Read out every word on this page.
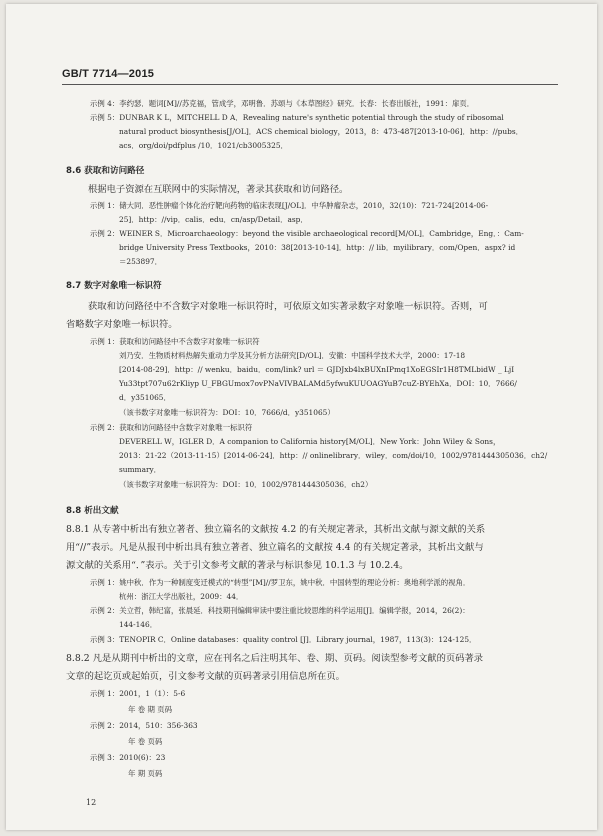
GB/T 7714—2015
示例 4：李约瑟．题词[M]//苏克福，管成学，邓明鲁．苏颂与《本草图经》研究．长春：长春出版社，1991：扉页．
示例 5：DUNBAR K L，MITCHELL D A．Revealing nature's synthetic potential through the study of ribosomal
natural product biosynthesis[J/OL]．ACS chemical biology，2013，8：473-487[2013-10-06]．http：//pubs．
acs．org/doi/pdfplus /10．1021/cb3005325．
8.6 获取和访问路径
根据电子资源在互联网中的实际情况，著录其获取和访问路径。
示例 1：储大同．恶性肿瘤个体化治疗靶向药物的临床表现[J/OL]．中华肿瘤杂志，2010，32(10)：721-724[2014-06-
25]．http：//vip．calis．edu．cn/asp/Detail．asp．
示例 2：WEINER S．Microarchaeology：beyond the visible archaeological record[M/OL]．Cambridge，Eng．：Cam-
bridge University Press Textbooks，2010：38[2013-10-14]．http：// lib．myilibrary．com/Open．aspx? id
＝253897．
8.7 数字对象唯一标识符
获取和访问路径中不含数字对象唯一标识符时，可依原文如实著录数字对象唯一标识符。否则，可
省略数字对象唯一标识符。
示例 1：获取和访问路径中不含数字对象唯一标识符
刘乃安．生物质材料热解失重动力学及其分析方法研究[D/OL]．安徽：中国科学技术大学，2000：17-18
[2014-08-29]．http：// wenku．baidu．com/link? url ＝ GJDJxb4lxBUXnIPmq1XoEGSIr1H8TMLbidW _ LjI
Yu33tpt707u62rKliyp U_FBGUmox7ovPNaVIVBALAMd5yfwuKUUOAGYuB7cuZ-BYEhXa．DOI：10．7666/
d．y351065．
（该书数字对象唯一标识符为：DOI：10．7666/d．y351065）
示例 2：获取和访问路径中含数字对象唯一标识符
DEVERELL W，IGLER D．A companion to California history[M/OL]．New York：John Wiley & Sons，
2013：21-22（2013-11-15）[2014-06-24]．http：// onlinelibrary．wiley．com/doi/10．1002/9781444305036．ch2/
summary．
（该书数字对象唯一标识符为：DOI：10．1002/9781444305036．ch2）
8.8 析出文献
8.8.1 从专著中析出有独立著者、独立篇名的文献按 4.2 的有关规定著录，其析出文献与源文献的关系
用“//”表示。凡是从报刊中析出具有独立著者、独立篇名的文献按 4.4 的有关规定著录，其析出文献与
源文献的关系用“．”表示。关于引文参考文献的著录与标识参见 10.1.3 与 10.2.4。
示例 1：姚中秋．作为一种制度变迁模式的“转型”[M]//罗卫东，姚中秋．中国转型的理论分析：奥地利学派的视角．
杭州：浙江大学出版社，2009：44．
示例 2：关立哲，韩纪富，张晨延．科技期刊编辑审读中要注重比较思维的科学运用[J]．编辑学报，2014，26(2)：
144-146．
示例 3：TENOPIR C．Online databases：quality control [J]．Library journal，1987，113(3)：124-125．
8.8.2 凡是从期刊中析出的文章，应在刊名之后注明其年、卷、期、页码。阅读型参考文献的页码著录
文章的起讫页或起始页，引文参考文献的页码著录引用信息所在页。
示例 1：2001，1（1）：5-6
年 卷 期 页码
示例 2：2014，510：356-363
年 卷 页码
示例 3：2010(6)：23
年 期 页码
12
